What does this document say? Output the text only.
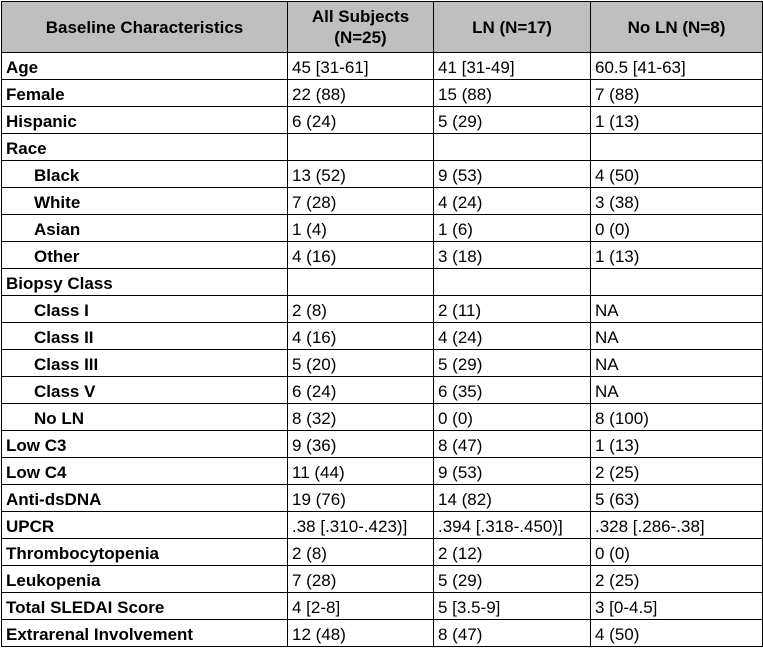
Baseline Characteristics	All Subjects (N=25)	LN (N=17)	No LN (N=8)
Age	45 [31-61]	41 [31-49]	60.5 [41-63]
Female	22 (88)	15 (88)	7 (88)
Hispanic	6 (24)	5 (29)	1 (13)
Race			
Black	13 (52)	9 (53)	4 (50)
White	7 (28)	4 (24)	3 (38)
Asian	1 (4)	1 (6)	0 (0)
Other	4 (16)	3 (18)	1 (13)
Biopsy Class			
Class I	2 (8)	2 (11)	NA
Class II	4 (16)	4 (24)	NA
Class III	5 (20)	5 (29)	NA
Class V	6 (24)	6 (35)	NA
No LN	8 (32)	0 (0)	8 (100)
Low C3	9 (36)	8 (47)	1 (13)
Low C4	11 (44)	9 (53)	2 (25)
Anti-dsDNA	19 (76)	14 (82)	5 (63)
UPCR	.38 [.310-.423)]	.394 [.318-.450)]	.328 [.286-.38]
Thrombocytopenia	2 (8)	2 (12)	0 (0)
Leukopenia	7 (28)	5 (29)	2 (25)
Total SLEDAI Score	4 [2-8]	5 [3.5-9]	3 [0-4.5]
Extrarenal Involvement	12 (48)	8 (47)	4 (50)
